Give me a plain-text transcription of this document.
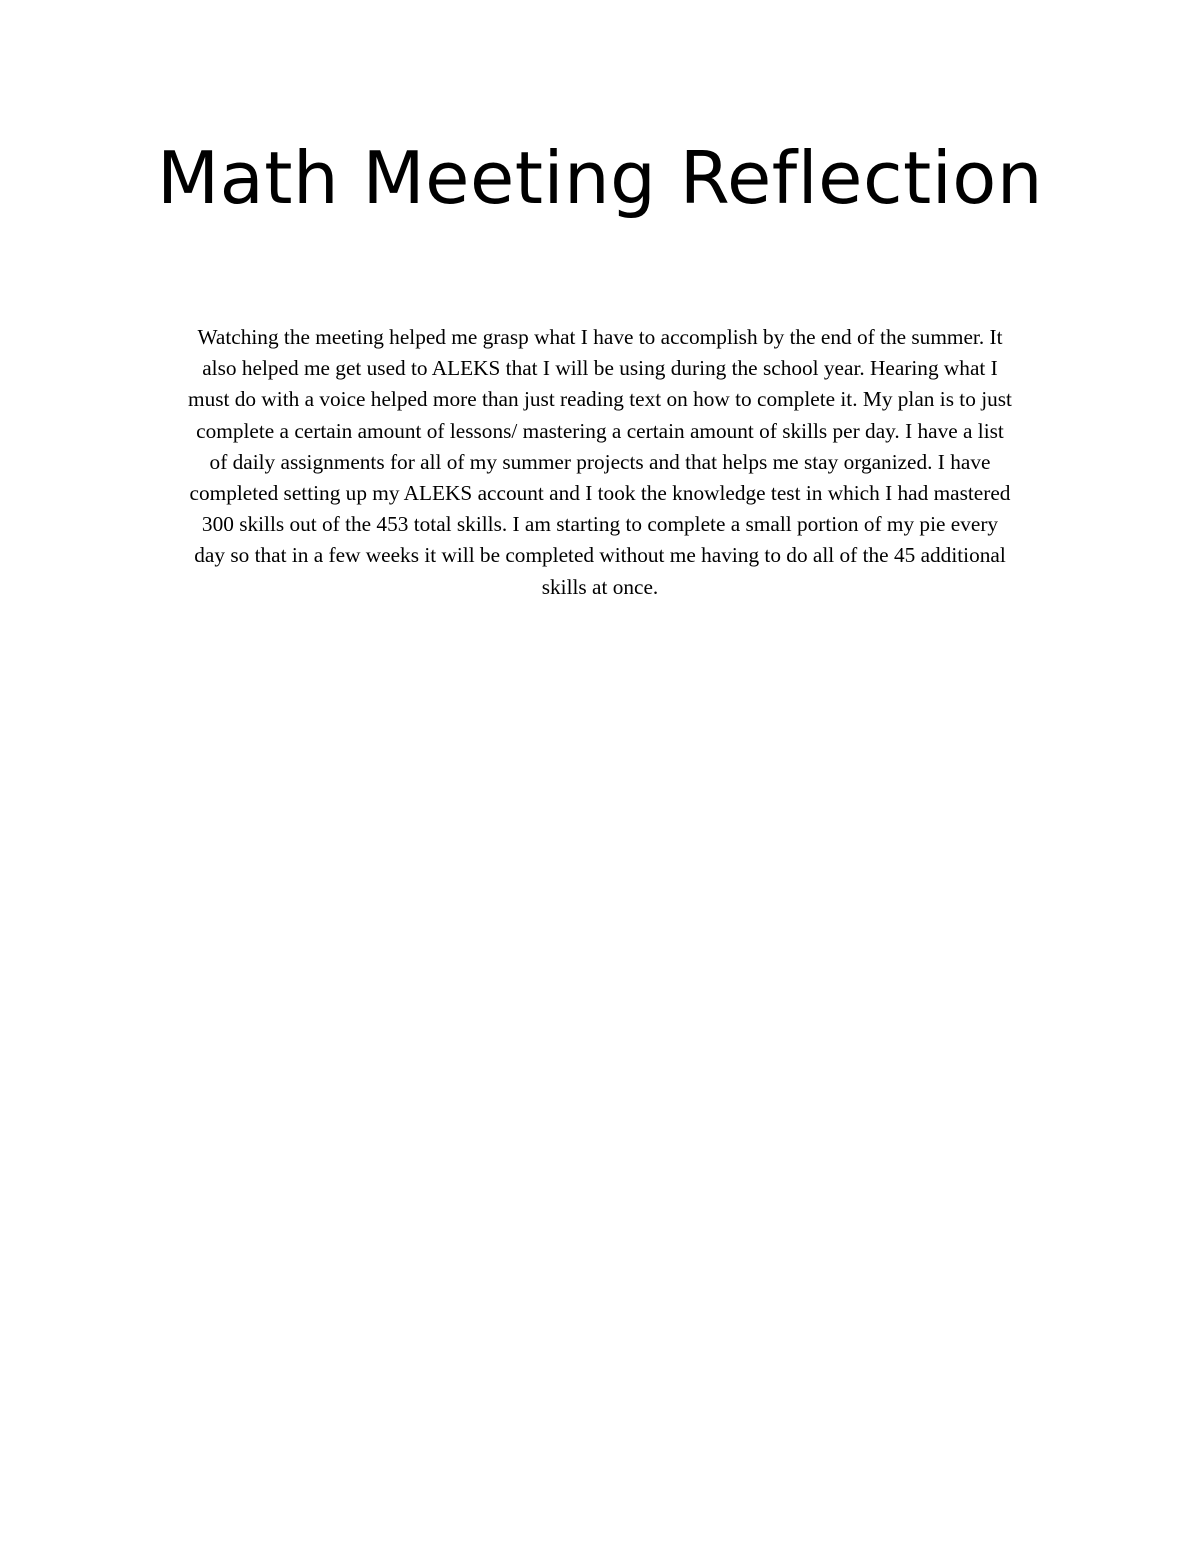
Math Meeting Reflection

Watching the meeting helped me grasp what I have to accomplish by the end of the summer. It
also helped me get used to ALEKS that I will be using during the school year. Hearing what I
must do with a voice helped more than just reading text on how to complete it. My plan is to just
complete a certain amount of lessons/ mastering a certain amount of skills per day. I have a list
of daily assignments for all of my summer projects and that helps me stay organized. I have
completed setting up my ALEKS account and I took the knowledge test in which I had mastered
300 skills out of the 453 total skills. I am starting to complete a small portion of my pie every
day so that in a few weeks it will be completed without me having to do all of the 45 additional
skills at once.
